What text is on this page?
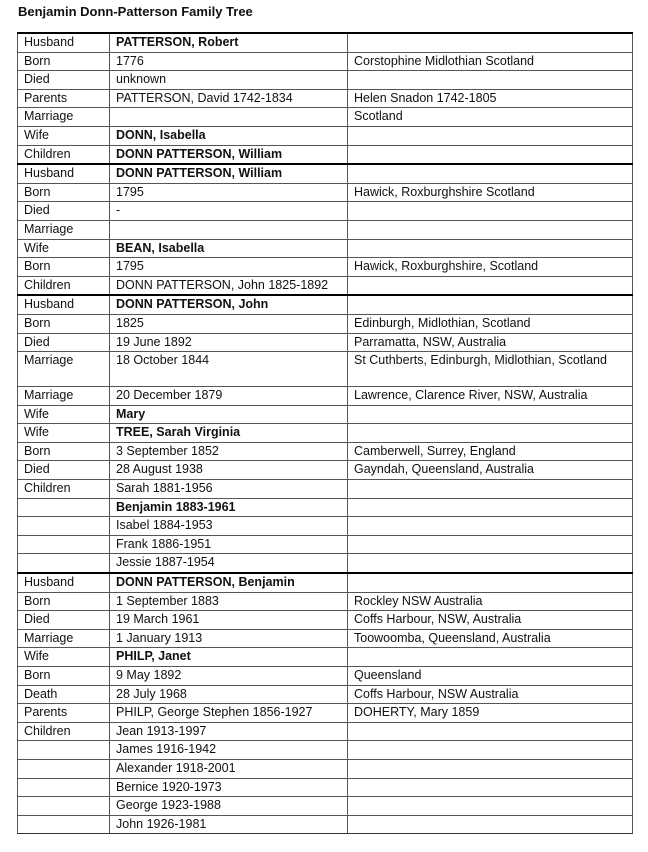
Benjamin Donn-Patterson Family Tree
Husband	PATTERSON, Robert	
Born	1776	Corstophine Midlothian Scotland
Died	unknown	
Parents	PATTERSON, David 1742-1834	Helen Snadon 1742-1805
Marriage		Scotland
Wife	DONN, Isabella	
Children	DONN PATTERSON, William	
Husband	DONN PATTERSON, William	
Born	1795	Hawick, Roxburghshire Scotland
Died	-	
Marriage		
Wife	BEAN, Isabella	
Born	1795	Hawick, Roxburghshire, Scotland
Children	DONN PATTERSON, John 1825-1892	
Husband	DONN PATTERSON, John	
Born	1825	Edinburgh, Midlothian, Scotland
Died	19 June 1892	Parramatta, NSW, Australia
Marriage	18 October 1844	St Cuthberts, Edinburgh, Midlothian, Scotland
Marriage	20 December 1879	Lawrence, Clarence River, NSW, Australia
Wife	Mary	
Wife	TREE, Sarah Virginia	
Born	3 September 1852	Camberwell, Surrey, England
Died	28 August 1938	Gayndah, Queensland, Australia
Children	Sarah 1881-1956	
	Benjamin 1883-1961	
	Isabel 1884-1953	
	Frank 1886-1951	
	Jessie 1887-1954	
Husband	DONN PATTERSON, Benjamin	
Born	1 September 1883	Rockley NSW Australia
Died	19 March 1961	Coffs Harbour, NSW, Australia
Marriage	1 January 1913	Toowoomba, Queensland, Australia
Wife	PHILP, Janet	
Born	9 May 1892	Queensland
Death	28 July 1968	Coffs Harbour, NSW Australia
Parents	PHILP, George Stephen 1856-1927	DOHERTY, Mary 1859
Children	Jean 1913-1997	
	James 1916-1942	
	Alexander 1918-2001	
	Bernice 1920-1973	
	George 1923-1988	
	John 1926-1981	
